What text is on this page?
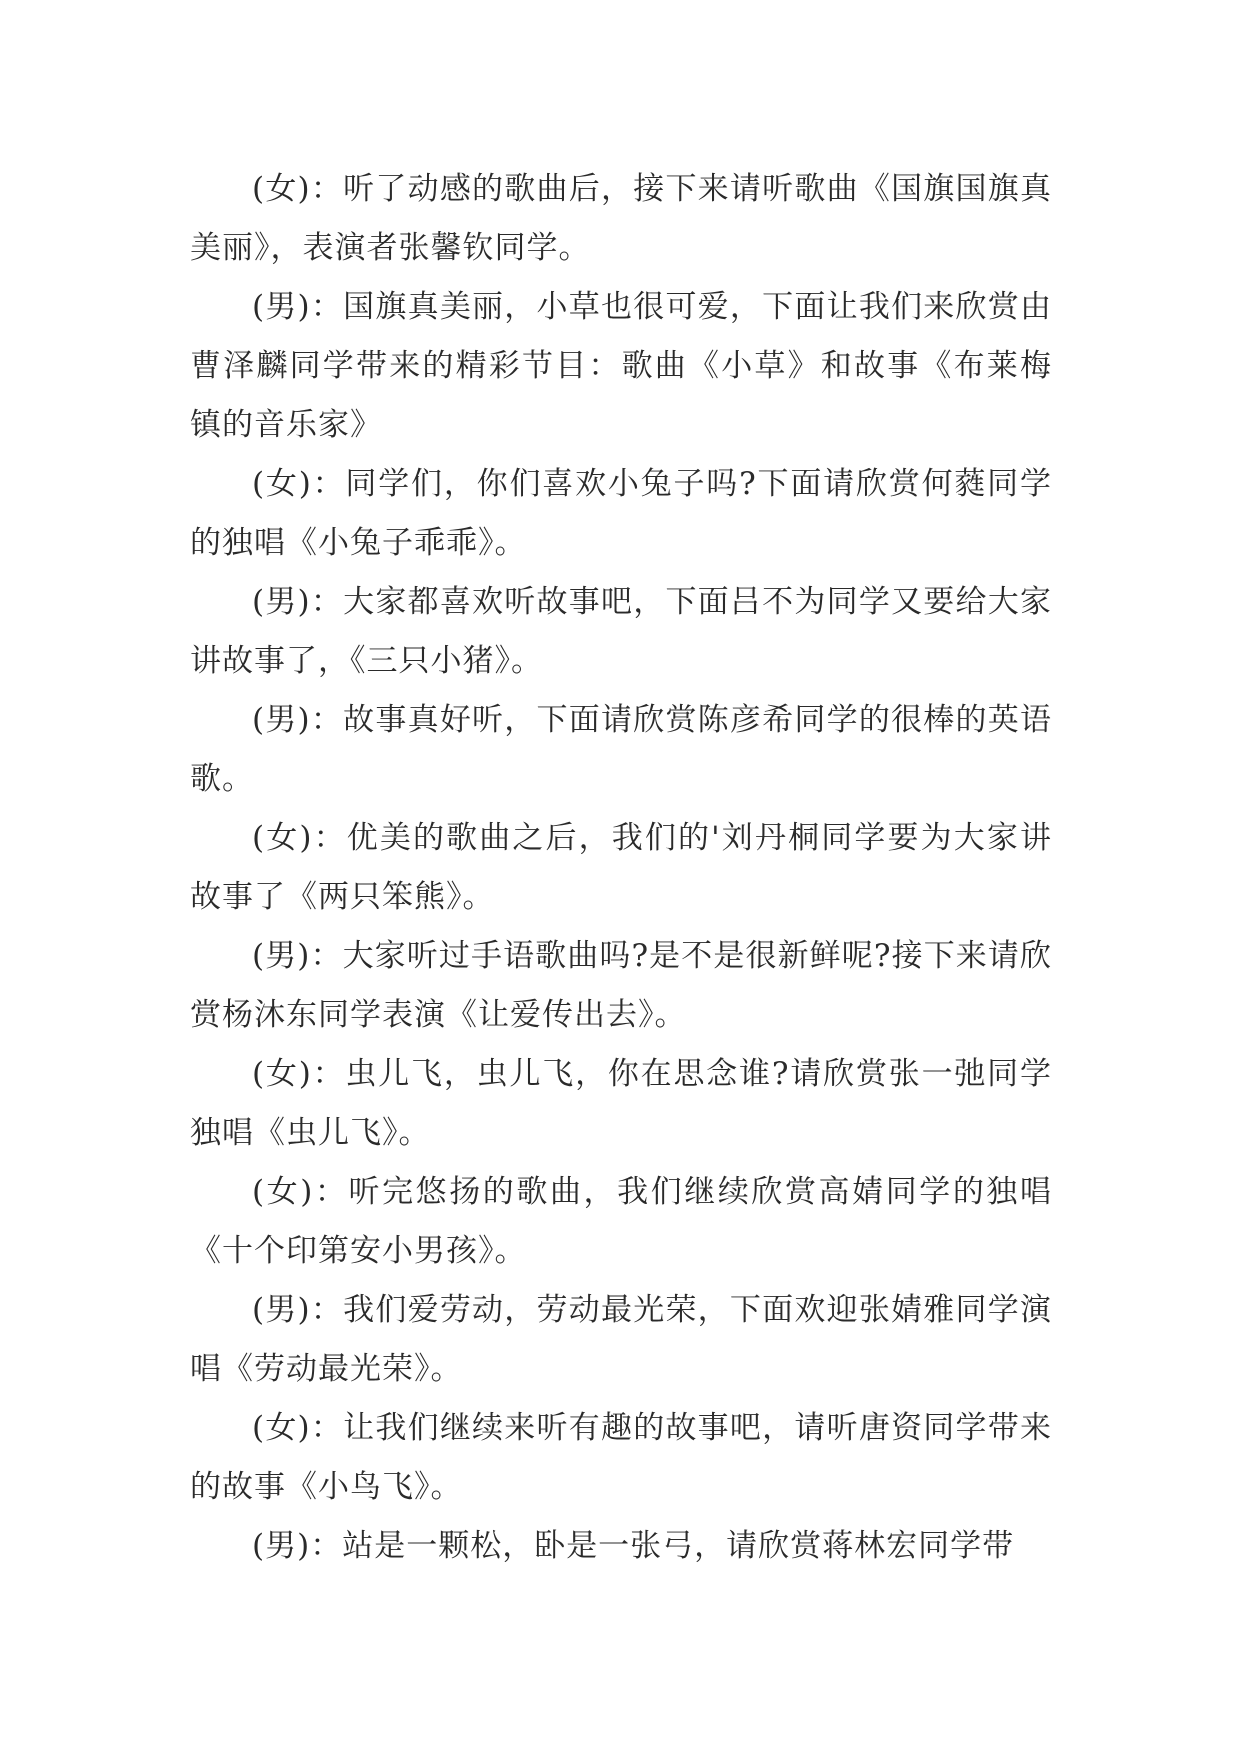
(女)：听了动感的歌曲后，接下来请听歌曲《国旗国旗真美丽》，表演者张馨钦同学。

(男)：国旗真美丽，小草也很可爱，下面让我们来欣赏由曹泽麟同学带来的精彩节目：歌曲《小草》和故事《布莱梅镇的音乐家》

(女)：同学们，你们喜欢小兔子吗?下面请欣赏何蕤同学的独唱《小兔子乖乖》。

(男)：大家都喜欢听故事吧，下面吕不为同学又要给大家讲故事了，《三只小猪》。

(男)：故事真好听，下面请欣赏陈彦希同学的很棒的英语歌。

(女)：优美的歌曲之后，我们的'刘丹桐同学要为大家讲故事了《两只笨熊》。

(男)：大家听过手语歌曲吗?是不是很新鲜呢?接下来请欣赏杨沐东同学表演《让爱传出去》。

(女)：虫儿飞，虫儿飞，你在思念谁?请欣赏张一弛同学独唱《虫儿飞》。

(女)：听完悠扬的歌曲，我们继续欣赏高婧同学的独唱《十个印第安小男孩》。

(男)：我们爱劳动，劳动最光荣，下面欢迎张婧雅同学演唱《劳动最光荣》。

(女)：让我们继续来听有趣的故事吧，请听唐资同学带来的故事《小鸟飞》。

(男)：站是一颗松，卧是一张弓，请欣赏蒋林宏同学带
